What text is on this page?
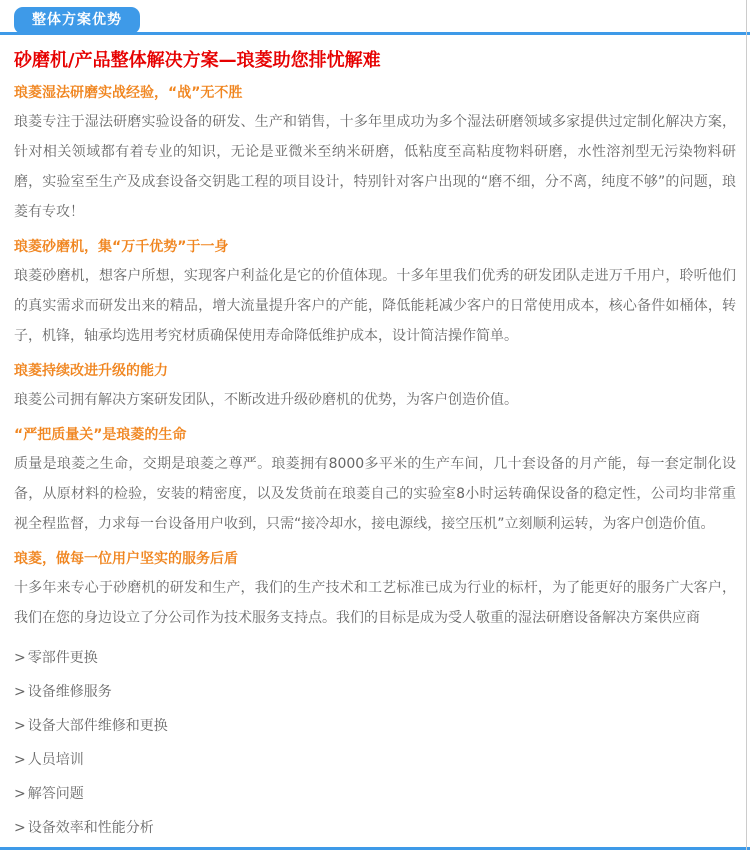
整体方案优势
砂磨机/产品整体解决方案—琅菱助您排忧解难
琅菱湿法研磨实战经验，“战”无不胜

琅菱专注于湿法研磨实验设备的研发、生产和销售，十多年里成功为多个湿法研磨领域多家提供过定制化解决方案，针对相关领域都有着专业的知识，无论是亚微米至纳米研磨，低粘度至高粘度物料研磨，水性溶剂型无污染物料研磨，实验室至生产及成套设备交钥匙工程的项目设计，特别针对客户出现的“磨不细，分不离，纯度不够”的问题，琅菱有专攻！

琅菱砂磨机，集“万千优势”于一身

琅菱砂磨机，想客户所想，实现客户利益化是它的价值体现。十多年里我们优秀的研发团队走进万千用户，聆听他们的真实需求而研发出来的精品，增大流量提升客户的产能，降低能耗减少客户的日常使用成本，核心备件如桶体，转子，机锋，轴承均选用考究材质确保使用寿命降低维护成本，设计简洁操作简单。

琅菱持续改进升级的能力

琅菱公司拥有解决方案研发团队，不断改进升级砂磨机的优势，为客户创造价值。

“严把质量关”是琅菱的生命

质量是琅菱之生命，交期是琅菱之尊严。琅菱拥有8000多平米的生产车间，几十套设备的月产能，每一套定制化设备，从原材料的检验，安装的精密度，以及发货前在琅菱自己的实验室8小时运转确保设备的稳定性，公司均非常重视全程监督，力求每一台设备用户收到，只需“接冷却水，接电源线，接空压机”立刻顺利运转，为客户创造价值。

琅菱，做每一位用户坚实的服务后盾

十多年来专心于砂磨机的研发和生产，我们的生产技术和工艺标准已成为行业的标杆，为了能更好的服务广大客户，我们在您的身边设立了分公司作为技术服务支持点。我们的目标是成为受人敬重的湿法研磨设备解决方案供应商

> 零部件更换
> 设备维修服务
> 设备大部件维修和更换
> 人员培训
> 解答问题
> 设备效率和性能分析
